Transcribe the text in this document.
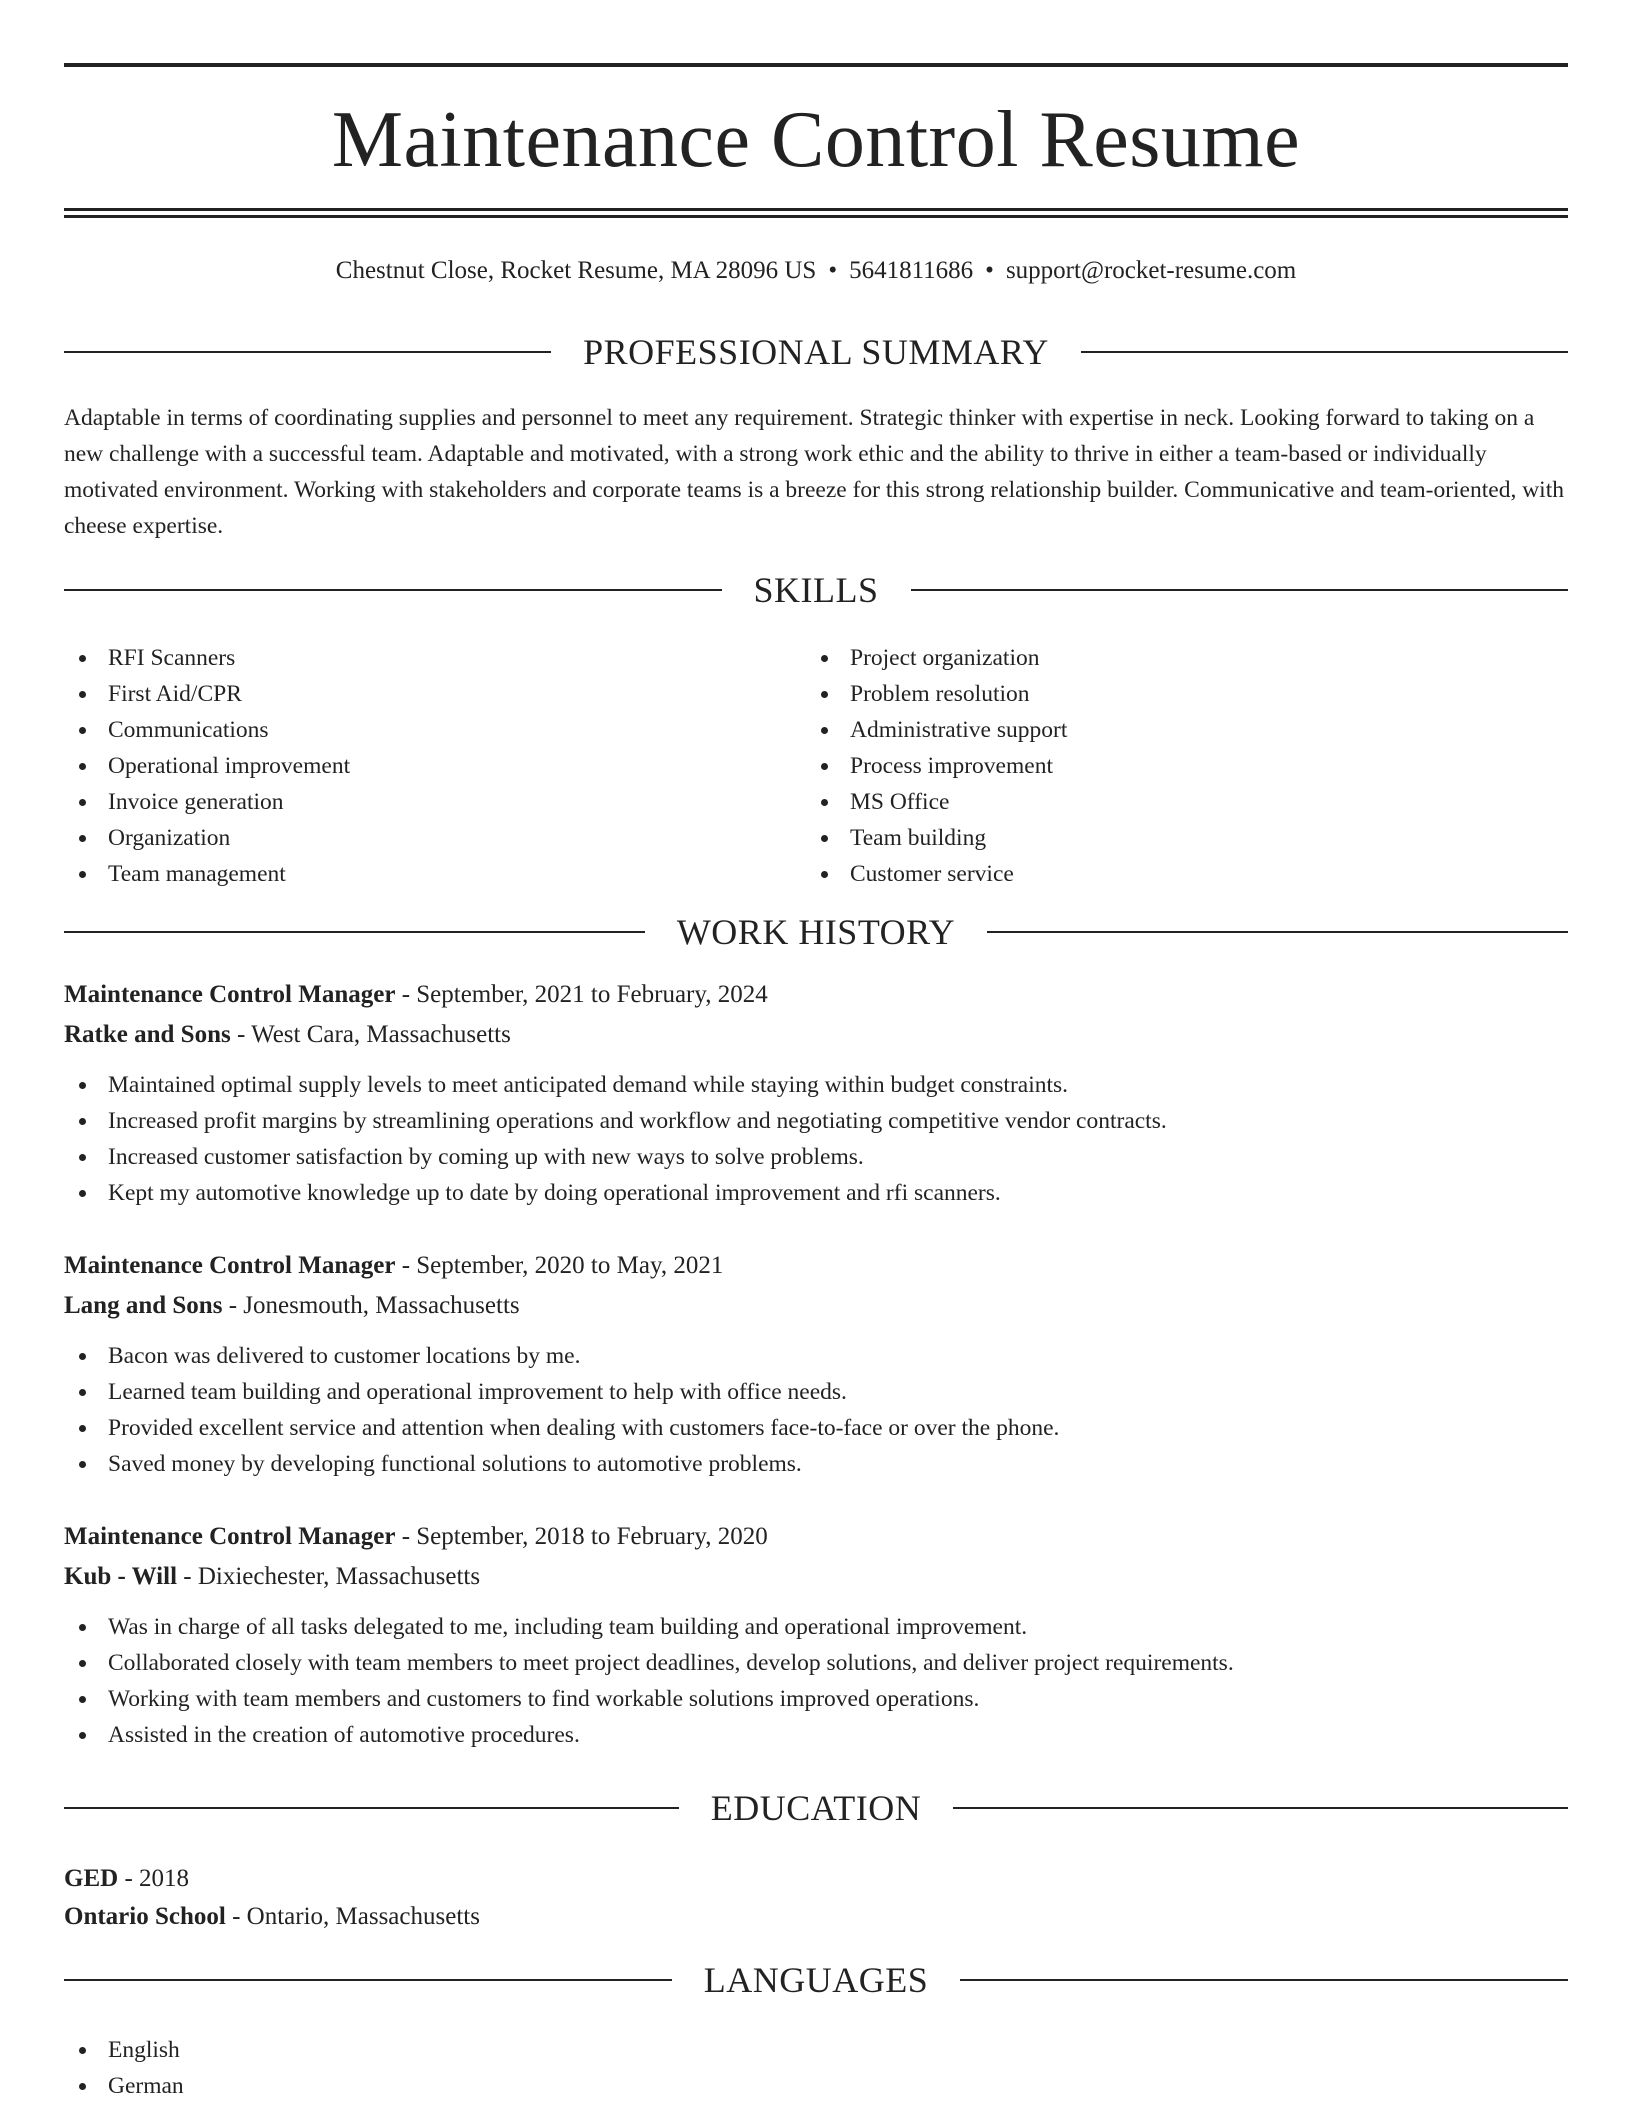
Maintenance Control Resume
Chestnut Close, Rocket Resume, MA 28096 US • 5641811686 • support@rocket-resume.com
PROFESSIONAL SUMMARY

Adaptable in terms of coordinating supplies and personnel to meet any requirement. Strategic thinker with expertise in neck. Looking forward to taking on a new challenge with a successful team. Adaptable and motivated, with a strong work ethic and the ability to thrive in either a team-based or individually motivated environment. Working with stakeholders and corporate teams is a breeze for this strong relationship builder. Communicative and team-oriented, with cheese expertise.

SKILLS
RFI Scanners
First Aid/CPR
Communications
Operational improvement
Invoice generation
Organization
Team management
Project organization
Problem resolution
Administrative support
Process improvement
MS Office
Team building
Customer service
WORK HISTORY
Maintenance Control Manager - September, 2021 to February, 2024
Ratke and Sons - West Cara, Massachusetts
Maintained optimal supply levels to meet anticipated demand while staying within budget constraints.
Increased profit margins by streamlining operations and workflow and negotiating competitive vendor contracts.
Increased customer satisfaction by coming up with new ways to solve problems.
Kept my automotive knowledge up to date by doing operational improvement and rfi scanners.
Maintenance Control Manager - September, 2020 to May, 2021
Lang and Sons - Jonesmouth, Massachusetts
Bacon was delivered to customer locations by me.
Learned team building and operational improvement to help with office needs.
Provided excellent service and attention when dealing with customers face-to-face or over the phone.
Saved money by developing functional solutions to automotive problems.
Maintenance Control Manager - September, 2018 to February, 2020
Kub - Will - Dixiechester, Massachusetts
Was in charge of all tasks delegated to me, including team building and operational improvement.
Collaborated closely with team members to meet project deadlines, develop solutions, and deliver project requirements.
Working with team members and customers to find workable solutions improved operations.
Assisted in the creation of automotive procedures.
EDUCATION
GED - 2018
Ontario School - Ontario, Massachusetts
LANGUAGES
English
German
